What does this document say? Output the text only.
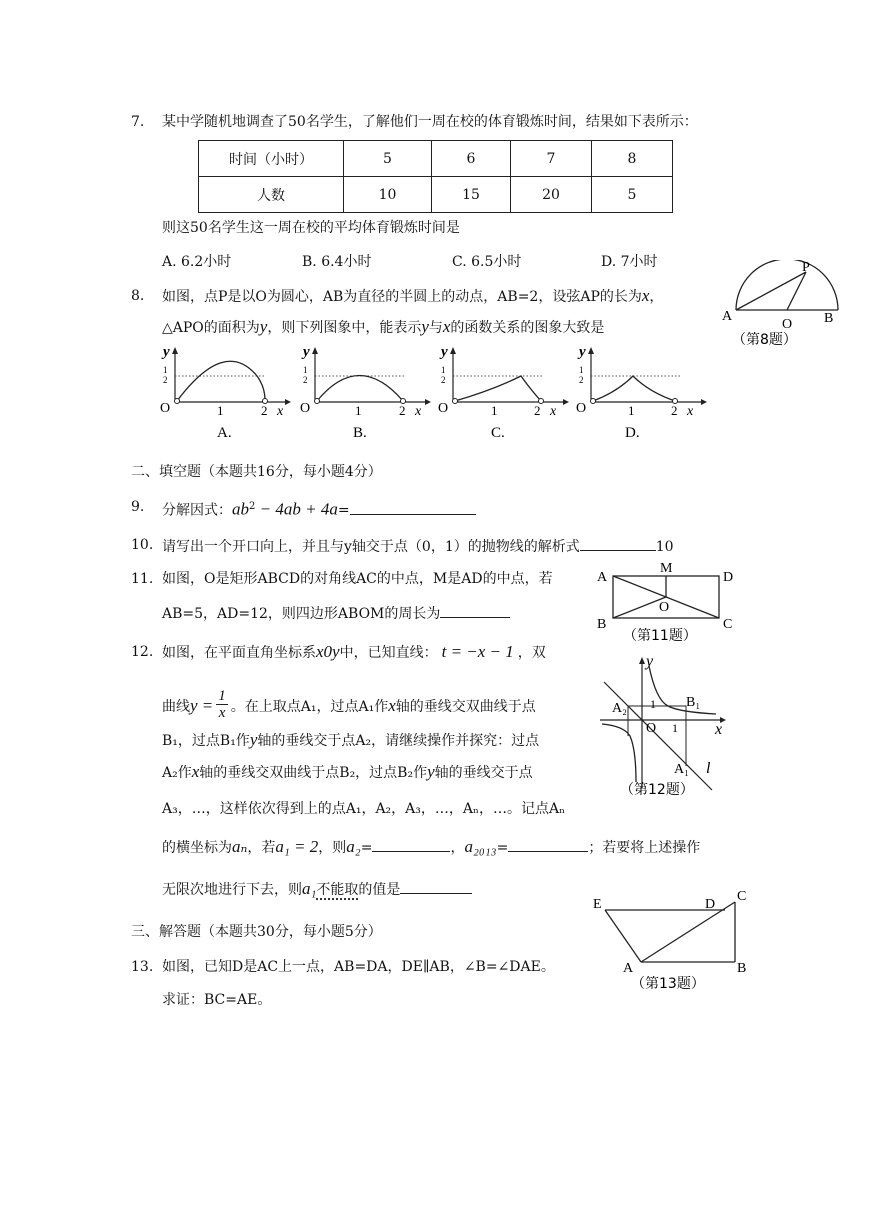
7. 某中学随机地调查了50名学生，了解他们一周在校的体育锻炼时间，结果如下表所示：
时间（小时）	5	6	7	8
人数	10	15	20	5
则这50名学生这一周在校的平均体育锻炼时间是
A. 6.2小时	B. 6.4小时	C. 6.5小时	D. 7小时
8. 如图，点P是以O为圆心，AB为直径的半圆上的动点，AB=2，设弦AP的长为x，
△APO的面积为y，则下列图象中，能表示y与x的函数关系的图象大致是
A
O B
P
（第8题）
y
1
2
O	1	2 x
A.
y
1
2
O	1	2 x
B.
y
1
2
O	1	2 x
C.
y
1
2
O	1	2 x
D.
二、填空题（本题共16分，每小题4分）
9. 分解因式：$ab^2 - 4ab + 4a=$
10. 请写出一个开口向上，并且与y轴交于点（0，1）的抛物线的解析式	10
11. 如图，O是矩形ABCD的对角线AC的中点，M是AD的中点，若
AB=5，AD=12，则四边形ABOM的周长为
A
M
D
O
B	C
（第11题）
12. 如图，在平面直角坐标系x0y中，已知直线： t = −x − 1 ，双
曲线$y = \frac{1}{x}$ 。在上取点A₁，过点A₁作x轴的垂线交双曲线于点
B₁，过点B₁作y轴的垂线交于点A₂，请继续操作并探究：过点
A₂作x轴的垂线交双曲线于点B₂，过点B₂作y轴的垂线交于点
A₃，…，这样依次得到上的点A₁，A₂，A₃，…，Aₙ，…。记点Aₙ
的横坐标为aₙ，若a₁ = 2，则a₂=	，a₂₀₁₃=	；若要将上述操作
无限次地进行下去，则a₁不能取的值是
y
x
O
1
1
A₂	B₁
A₁ l
（第12题）
三、解答题（本题共30分，每小题5分）
13. 如图，已知D是AC上一点，AB=DA，DE∥AB，∠B=∠DAE。
求证：BC=AE。
E	D
C
A	B
（第13题）
